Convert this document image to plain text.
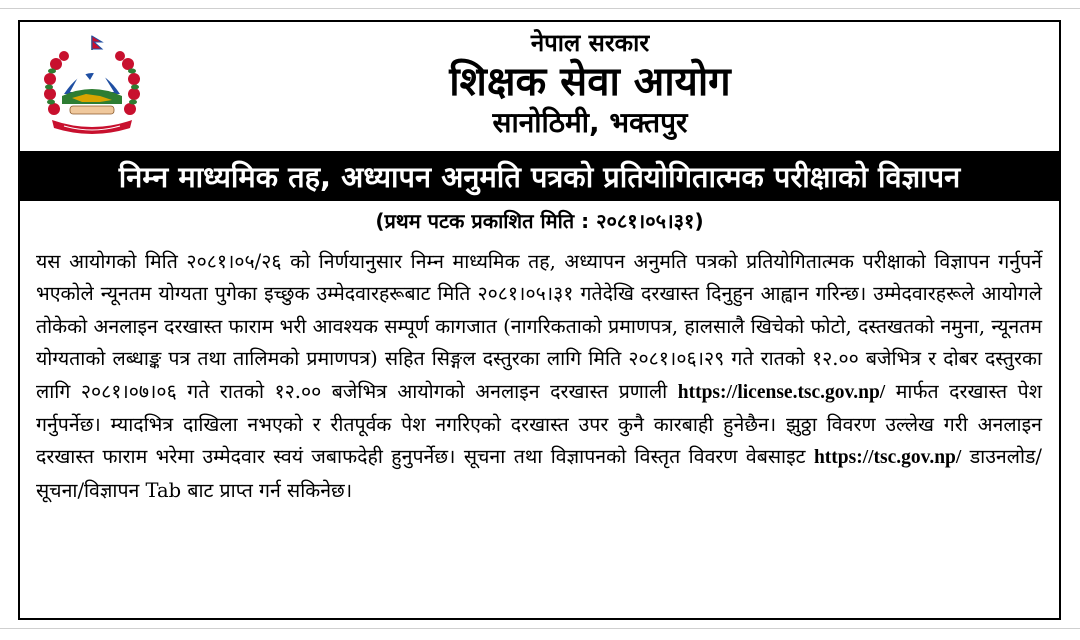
नेपाल सरकार
शिक्षक सेवा आयोग
सानोठिमी, भक्तपुर
निम्न माध्यमिक तह, अध्यापन अनुमति पत्रको प्रतियोगितात्मक परीक्षाको विज्ञापन
(प्रथम पटक प्रकाशित मिति : २०८१।०५।३१)
यस आयोगको मिति २०८१।०५/२६ को निर्णयानुसार निम्न माध्यमिक तह, अध्यापन अनुमति पत्रको प्रतियोगितात्मक परीक्षाको विज्ञापन गर्नुपर्ने भएकोले न्यूनतम योग्यता पुगेका इच्छुक उम्मेदवारहरूबाट मिति २०८१।०५।३१ गतेदेखि दरखास्त दिनुहुन आह्वान गरिन्छ। उम्मेदवारहरूले आयोगले तोकेको अनलाइन दरखास्त फाराम भरी आवश्यक सम्पूर्ण कागजात (नागरिकताको प्रमाणपत्र, हालसालै खिचेको फोटो, दस्तखतको नमुना, न्यूनतम योग्यताको लब्धाङ्क पत्र तथा तालिमको प्रमाणपत्र) सहित सिङ्गल दस्तुरका लागि मिति २०८१।०६।२९ गते रातको १२.०० बजेभित्र र दोबर दस्तुरका लागि २०८१।०७।०६ गते रातको १२.०० बजेभित्र आयोगको अनलाइन दरखास्त प्रणाली https://license.tsc.gov.np/ मार्फत दरखास्त पेश गर्नुपर्नेछ। म्यादभित्र दाखिला नभएको र रीतपूर्वक पेश नगरिएको दरखास्त उपर कुनै कारबाही हुनेछैन। झुठ्ठा विवरण उल्लेख गरी अनलाइन दरखास्त फाराम भरेमा उम्मेदवार स्वयं जबाफदेही हुनुपर्नेछ। सूचना तथा विज्ञापनको विस्तृत विवरण वेबसाइट https://tsc.gov.np/ डाउनलोड/सूचना/विज्ञापन Tab बाट प्राप्त गर्न सकिनेछ।
